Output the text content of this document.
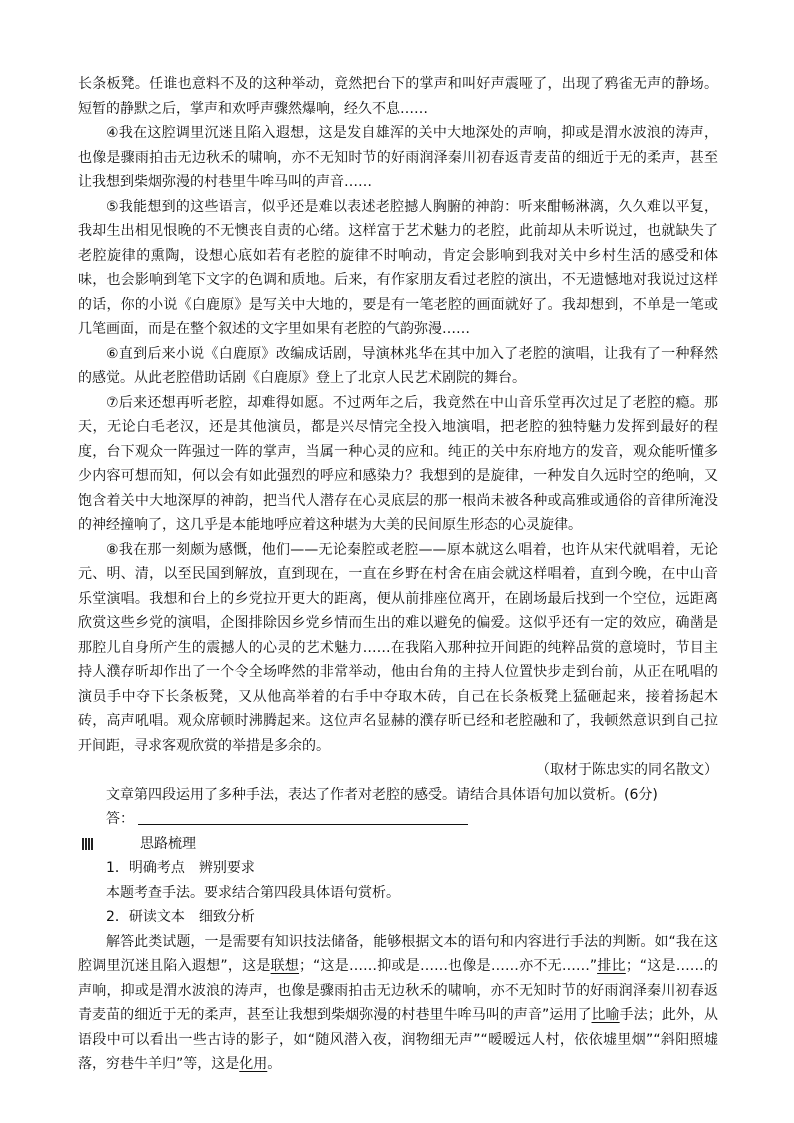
长条板凳。任谁也意料不及的这种举动，竟然把台下的掌声和叫好声震哑了，出现了鸦雀无声的静场。短暂的静默之后，掌声和欢呼声骤然爆响，经久不息……

④我在这腔调里沉迷且陷入遐想，这是发自雄浑的关中大地深处的声响，抑或是渭水波浪的涛声，也像是骤雨拍击无边秋禾的啸响，亦不无知时节的好雨润泽秦川初春返青麦苗的细近于无的柔声，甚至让我想到柴烟弥漫的村巷里牛哞马叫的声音……

⑤我能想到的这些语言，似乎还是难以表述老腔撼人胸腑的神韵：听来酣畅淋漓，久久难以平复，我却生出相见恨晚的不无懊丧自责的心绪。这样富于艺术魅力的老腔，此前却从未听说过，也就缺失了老腔旋律的熏陶，设想心底如若有老腔的旋律不时响动，肯定会影响到我对关中乡村生活的感受和体味，也会影响到笔下文字的色调和质地。后来，有作家朋友看过老腔的演出，不无遗憾地对我说过这样的话，你的小说《白鹿原》是写关中大地的，要是有一笔老腔的画面就好了。我却想到，不单是一笔或几笔画面，而是在整个叙述的文字里如果有老腔的气韵弥漫……

⑥直到后来小说《白鹿原》改编成话剧，导演林兆华在其中加入了老腔的演唱，让我有了一种释然的感觉。从此老腔借助话剧《白鹿原》登上了北京人民艺术剧院的舞台。

⑦后来还想再听老腔，却难得如愿。不过两年之后，我竟然在中山音乐堂再次过足了老腔的瘾。那天，无论白毛老汉，还是其他演员，都是兴尽情完全投入地演唱，把老腔的独特魅力发挥到最好的程度，台下观众一阵强过一阵的掌声，当属一种心灵的应和。纯正的关中东府地方的发音，观众能听懂多少内容可想而知，何以会有如此强烈的呼应和感染力？我想到的是旋律，一种发自久远时空的绝响，又饱含着关中大地深厚的神韵，把当代人潜存在心灵底层的那一根尚未被各种或高雅或通俗的音律所淹没的神经撞响了，这几乎是本能地呼应着这种堪为大美的民间原生形态的心灵旋律。

⑧我在那一刻颇为感慨，他们——无论秦腔或老腔——原本就这么唱着，也许从宋代就唱着，无论元、明、清，以至民国到解放，直到现在，一直在乡野在村舍在庙会就这样唱着，直到今晚，在中山音乐堂演唱。我想和台上的乡党拉开更大的距离，便从前排座位离开，在剧场最后找到一个空位，远距离欣赏这些乡党的演唱，企图排除因乡党乡情而生出的难以避免的偏爱。这似乎还有一定的效应，确凿是那腔儿自身所产生的震撼人的心灵的艺术魅力……在我陷入那种拉开间距的纯粹品赏的意境时，节目主持人濮存昕却作出了一个令全场哗然的非常举动，他由台角的主持人位置快步走到台前，从正在吼唱的演员手中夺下长条板凳，又从他高举着的右手中夺取木砖，自己在长条板凳上猛砸起来，接着扬起木砖，高声吼唱。观众席顿时沸腾起来。这位声名显赫的濮存昕已经和老腔融和了，我顿然意识到自己拉开间距，寻求客观欣赏的举措是多余的。

（取材于陈忠实的同名散文）

文章第四段运用了多种手法，表达了作者对老腔的感受。请结合具体语句加以赏析。(6分)

答：

思路梳理

1．明确考点　辨别要求

本题考查手法。要求结合第四段具体语句赏析。

2．研读文本　细致分析

解答此类试题，一是需要有知识技法储备，能够根据文本的语句和内容进行手法的判断。如“我在这腔调里沉迷且陷入遐想”，这是联想；“这是……抑或是……也像是……亦不无……”排比；“这是……的声响，抑或是渭水波浪的涛声，也像是骤雨拍击无边秋禾的啸响，亦不无知时节的好雨润泽秦川初春返青麦苗的细近于无的柔声，甚至让我想到柴烟弥漫的村巷里牛哞马叫的声音”运用了比喻手法；此外，从语段中可以看出一些古诗的影子，如“随风潜入夜，润物细无声”“暧暧远人村，依依墟里烟”“斜阳照墟落，穷巷牛羊归”等，这是化用。
